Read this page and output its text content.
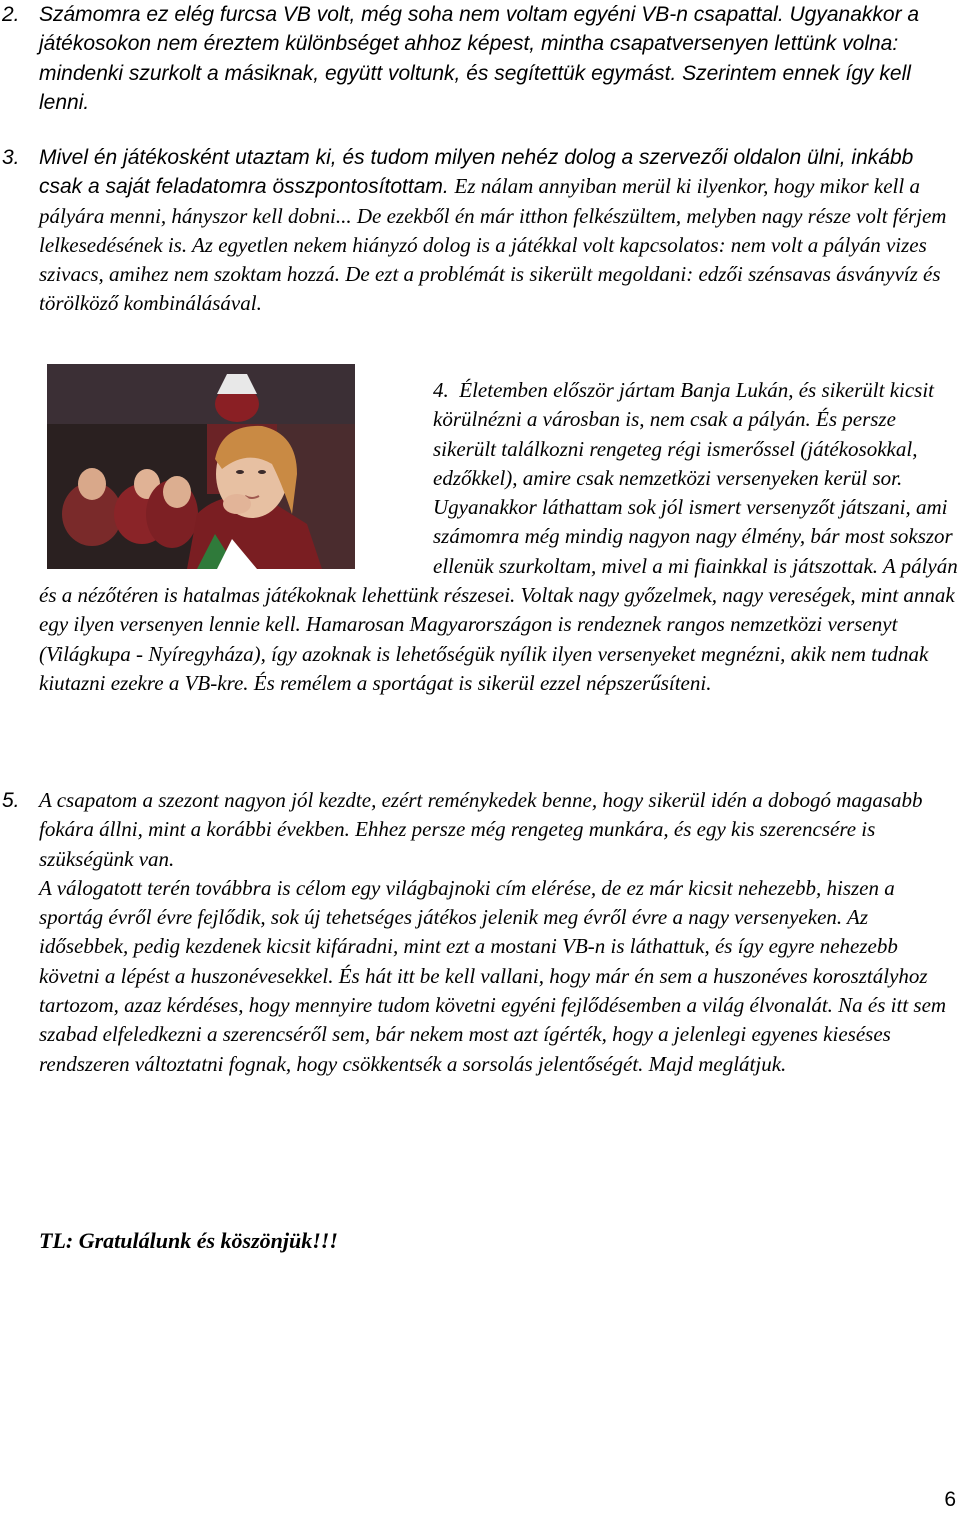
2. Számomra ez elég furcsa VB volt, még soha nem voltam egyéni VB-n csapattal. Ugyanakkor a játékosokon nem éreztem különbséget ahhoz képest, mintha csapatversenyen lettünk volna: mindenki szurkolt a másiknak, együtt voltunk, és segítettük egymást. Szerintem ennek így kell lenni.
3. Mivel én játékosként utaztam ki, és tudom milyen nehéz dolog a szervezői oldalon ülni, inkább csak a saját feladatomra összpontosítottam. Ez nálam annyiban merül ki ilyenkor, hogy mikor kell a pályára menni, hányszor kell dobni... De ezekből én már itthon felkészültem, melyben nagy része volt férjem lelkesedésének is. Az egyetlen nekem hiányzó dolog is a játékkal volt kapcsolatos: nem volt a pályán vizes szivacs, amihez nem szoktam hozzá. De ezt a problémát is sikerült megoldani: edzői szénsavas ásványvíz és törölköző kombinálásával.
4. Életemben először jártam Banja Lukán, és sikerült kicsit körülnézni a városban is, nem csak a pályán. És persze sikerült találkozni rengeteg régi ismerőssel (játékosokkal, edzőkkel), amire csak nemzetközi versenyeken kerül sor. Ugyanakkor láthattam sok jól ismert versenyzőt játszani, ami számomra még mindig nagyon nagy élmény, bár most sokszor ellenük szurkoltam, mivel a mi fiainkkal is játszottak. A pályán és a nézőtéren is hatalmas játékoknak lehettünk részesei. Voltak nagy győzelmek, nagy vereségek, mint annak egy ilyen versenyen lennie kell. Hamarosan Magyarországon is rendeznek rangos nemzetközi versenyt (Világkupa - Nyíregyháza), így azoknak is lehetőségük nyílik ilyen versenyeket megnézni, akik nem tudnak kiutazni ezekre a VB-kre. És remélem a sportágat is sikerül ezzel népszerűsíteni.
5. A csapatom a szezont nagyon jól kezdte, ezért reménykedek benne, hogy sikerül idén a dobogó magasabb fokára állni, mint a korábbi években. Ehhez persze még rengeteg munkára, és egy kis szerencsére is szükségünk van.
A válogatott terén továbbra is célom egy világbajnoki cím elérése, de ez már kicsit nehezebb, hiszen a sportág évről évre fejlődik, sok új tehetséges játékos jelenik meg évről évre a nagy versenyeken. Az idősebbek, pedig kezdenek kicsit kifáradni, mint ezt a mostani VB-n is láthattuk, és így egyre nehezebb követni a lépést a huszonévesekkel. És hát itt be kell vallani, hogy már én sem a huszonéves korosztályhoz tartozom, azaz kérdéses, hogy mennyire tudom követni egyéni fejlődésemben a világ élvonalát. Na és itt sem szabad elfeledkezni a szerencséről sem, bár nekem most azt ígérték, hogy a jelenlegi egyenes kieséses rendszeren változtatni fognak, hogy csökkentsék a sorsolás jelentőségét. Majd meglátjuk.
TL: Gratulálunk és köszönjük!!!
6
